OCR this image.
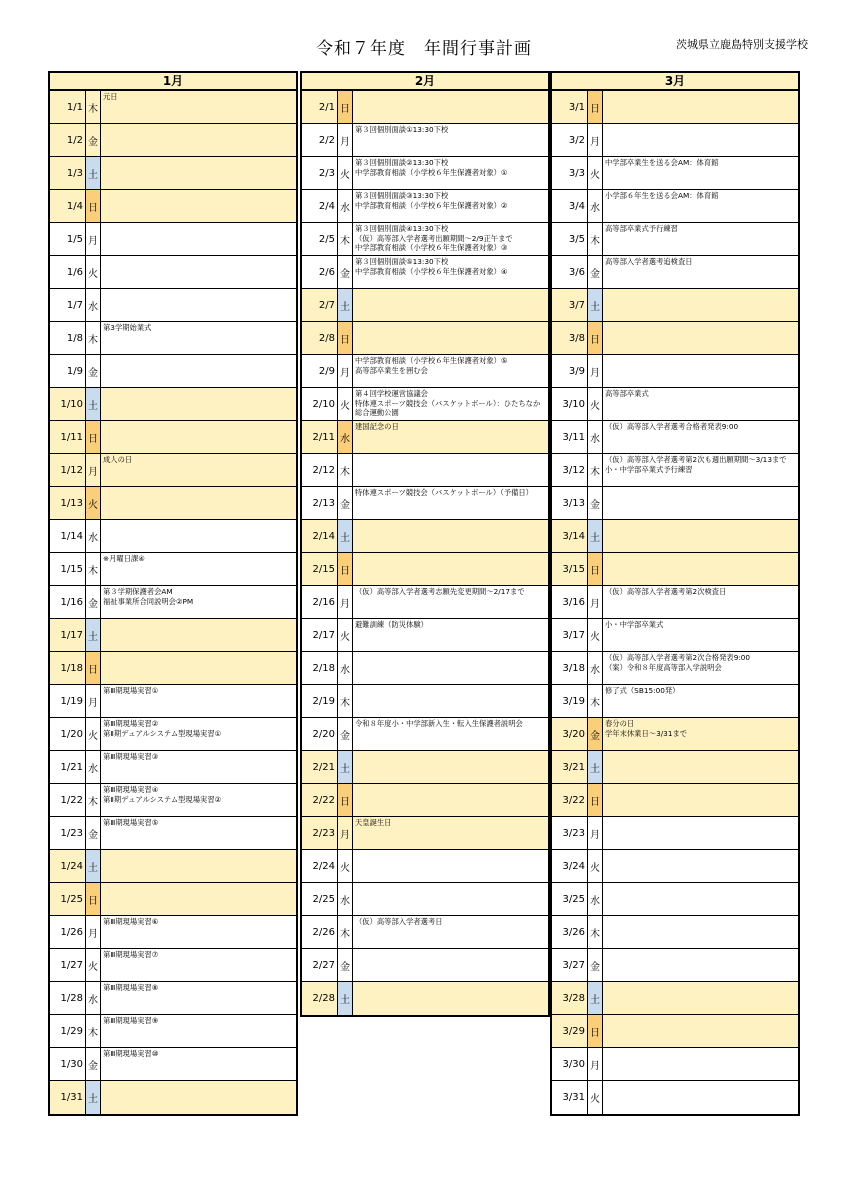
令和７年度　年間行事計画	茨城県立鹿島特別支援学校
1月
1/1 木
元日
1/2 金
1/3 土
1/4 日
1/5 月
1/6 火
1/7 水
1/8 木
第3学期始業式
1/9 金
1/10 土
1/11 日
1/12 月
成人の日
1/13 火
1/14 水
1/15 木
※月曜日課④
1/16 金
第３学期保護者会AM
福祉事業所合同説明会②PM
1/17 土
1/18 日
1/19 月
第Ⅲ期現場実習①
1/20 火
第Ⅲ期現場実習②
第Ⅱ期デュアルシステム型現場実習①
1/21 水
第Ⅲ期現場実習③
1/22 木
第Ⅲ期現場実習④
第Ⅱ期デュアルシステム型現場実習②
1/23 金
第Ⅲ期現場実習⑤
1/24 土
1/25 日
1/26 月
第Ⅲ期現場実習⑥
1/27 火
第Ⅲ期現場実習⑦
1/28 水
第Ⅲ期現場実習⑧
1/29 木
第Ⅲ期現場実習⑨
1/30 金
第Ⅲ期現場実習⑩
1/31 土
2月
2/1 日
2/2 月
第３回個別面談①13:30下校
2/3 火
第３回個別面談②13:30下校
中学部教育相談（小学校６年生保護者対象）①
2/4 水
第３回個別面談③13:30下校
中学部教育相談（小学校６年生保護者対象）②
2/5 木
第３回個別面談④13:30下校
（仮）高等部入学者選考出願期間～2/9正午まで
中学部教育相談（小学校６年生保護者対象）③
2/6 金
第３回個別面談⑤13:30下校
中学部教育相談（小学校６年生保護者対象）④
2/7 土
2/8 日
2/9 月
中学部教育相談（小学校６年生保護者対象）⑤
高等部卒業生を囲む会
2/10 火
第４回学校運営協議会
特体連スポーツ競技会（バスケットボール）：ひたちなか総合運動公園
2/11 水
建国記念の日
2/12 木
2/13 金
特体連スポーツ競技会（バスケットボール）（予備日）
2/14 土
2/15 日
2/16 月
（仮）高等部入学者選考志願先変更期間～2/17まで
2/17 火
避難訓練（防災体験）
2/18 水
2/19 木
2/20 金
令和８年度小・中学部新入生・転入生保護者説明会
2/21 土
2/22 日
2/23 月
天皇誕生日
2/24 火
2/25 水
2/26 木
（仮）高等部入学者選考日
2/27 金
2/28 土
3月
3/1 日
3/2 月
3/3 火
中学部卒業生を送る会AM：体育館
3/4 水
小学部６年生を送る会AM：体育館
3/5 木
高等部卒業式予行練習
3/6 金
高等部入学者選考追検査日
3/7 土
3/8 日
3/9 月
3/10 火
高等部卒業式
3/11 水
（仮）高等部入学者選考合格者発表9:00
3/12 木
（仮）高等部入学者選考第2次も週出願期間～3/13まで
小・中学部卒業式予行練習
3/13 金
3/14 土
3/15 日
3/16 月
（仮）高等部入学者選考第2次検査日
3/17 火
小・中学部卒業式
3/18 水
（仮）高等部入学者選考第2次合格発表9:00
（案）令和８年度高等部入学説明会
3/19 木
修了式（SB15:00発）
3/20 金
春分の日
学年末休業日～3/31まで
3/21 土
3/22 日
3/23 月
3/24 火
3/25 水
3/26 木
3/27 金
3/28 土
3/29 日
3/30 月
3/31 火
